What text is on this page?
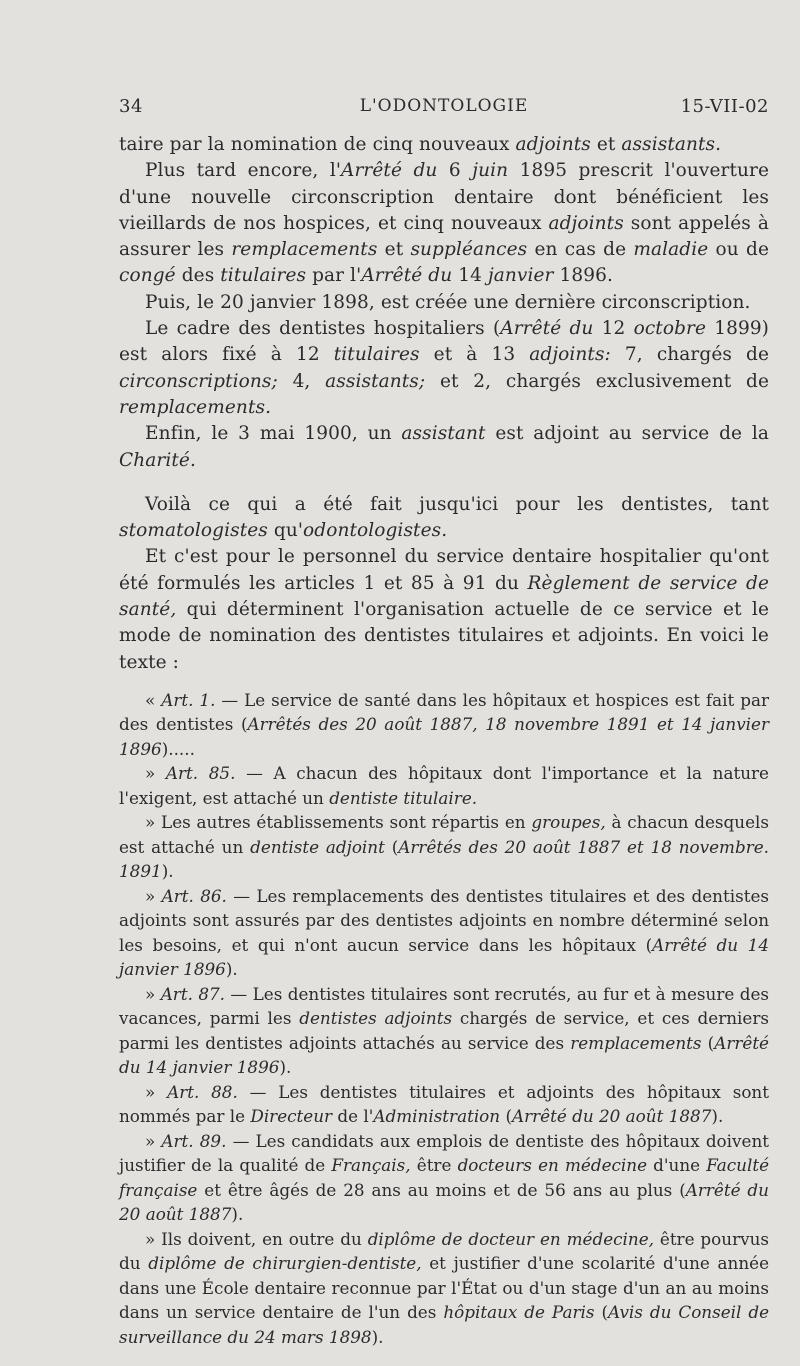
34	L'ODONTOLOGIE	15-VII-02

taire par la nomination de cinq nouveaux adjoints et assistants.

Plus tard encore, l'Arrêté du 6 juin 1895 prescrit l'ouverture d'une nouvelle circonscription dentaire dont bénéficient les vieillards de nos hospices, et cinq nouveaux adjoints sont appelés à assurer les remplacements et suppléances en cas de maladie ou de congé des titulaires par l'Arrêté du 14 janvier 1896.

Puis, le 20 janvier 1898, est créée une dernière circonscription.

Le cadre des dentistes hospitaliers (Arrêté du 12 octobre 1899) est alors fixé à 12 titulaires et à 13 adjoints: 7, chargés de circonscriptions; 4, assistants; et 2, chargés exclusivement de remplacements.

Enfin, le 3 mai 1900, un assistant est adjoint au service de la Charité.

Voilà ce qui a été fait jusqu'ici pour les dentistes, tant stomatologistes qu'odontologistes.

Et c'est pour le personnel du service dentaire hospitalier qu'ont été formulés les articles 1 et 85 à 91 du Règlement de service de santé, qui déterminent l'organisation actuelle de ce service et le mode de nomination des dentistes titulaires et adjoints. En voici le texte :

« Art. 1. — Le service de santé dans les hôpitaux et hospices est fait par des dentistes (Arrêtés des 20 août 1887, 18 novembre 1891 et 14 janvier 1896).....

» Art. 85. — A chacun des hôpitaux dont l'importance et la nature l'exigent, est attaché un dentiste titulaire.

» Les autres établissements sont répartis en groupes, à chacun desquels est attaché un dentiste adjoint (Arrêtés des 20 août 1887 et 18 novembre. 1891).

» Art. 86. — Les remplacements des dentistes titulaires et des dentistes adjoints sont assurés par des dentistes adjoints en nombre déterminé selon les besoins, et qui n'ont aucun service dans les hôpitaux (Arrêté du 14 janvier 1896).

» Art. 87. — Les dentistes titulaires sont recrutés, au fur et à mesure des vacances, parmi les dentistes adjoints chargés de service, et ces derniers parmi les dentistes adjoints attachés au service des remplacements (Arrêté du 14 janvier 1896).

» Art. 88. — Les dentistes titulaires et adjoints des hôpitaux sont nommés par le Directeur de l'Administration (Arrêté du 20 août 1887).

» Art. 89. — Les candidats aux emplois de dentiste des hôpitaux doivent justifier de la qualité de Français, être docteurs en médecine d'une Faculté française et être âgés de 28 ans au moins et de 56 ans au plus (Arrêté du 20 août 1887).

» Ils doivent, en outre du diplôme de docteur en médecine, être pourvus du diplôme de chirurgien-dentiste, et justifier d'une scolarité d'une année dans une École dentaire reconnue par l'État ou d'un stage d'un an au moins dans un service dentaire de l'un des hôpitaux de Paris (Avis du Conseil de surveillance du 24 mars 1898).
